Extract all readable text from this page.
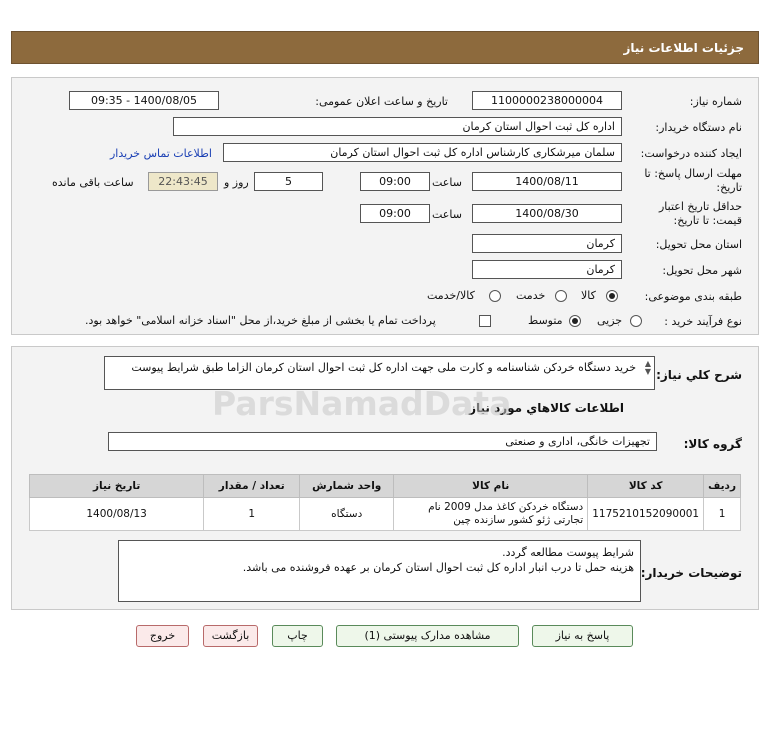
جزئیات اطلاعات نیاز
شماره نیاز:
1100000238000004
تاریخ و ساعت اعلان عمومی:
1400/08/05 - 09:35
نام دستگاه خریدار:
اداره کل ثبت احوال استان کرمان
ایجاد کننده درخواست:
سلمان میرشکاری کارشناس اداره کل ثبت احوال استان کرمان
اطلاعات تماس خریدار
مهلت ارسال پاسخ: تا
تاریخ:
1400/08/11
ساعت
09:00
5
روز و
22:43:45
ساعت باقی مانده
حداقل تاریخ اعتبار
قیمت: تا تاریخ:
1400/08/30
ساعت
09:00
استان محل تحویل:
کرمان
شهر محل تحویل:
کرمان
طبقه بندی موضوعی:
کالا
خدمت
کالا/خدمت
نوع فرآیند خرید :
جزیی
متوسط
پرداخت تمام یا بخشی از مبلغ خرید،از محل "اسناد خزانه اسلامی" خواهد بود.
شرح کلي نياز:
خرید دستگاه خردکن شناسنامه و کارت ملی جهت اداره کل ثبت احوال استان کرمان الزاما طبق شرایط پیوست ▲
▼
اطلاعات کالاهاي مورد نياز
گروه کالا:
تجهیزات خانگی، اداری و صنعتی
ردیف	کد کالا	نام کالا	واحد شمارش	تعداد / مقدار	تاریخ نیاز
1	1175210152090001	دستگاه خردکن کاغذ مدل 2009 نام تجارتی ژئو کشور سازنده چین	دستگاه	1	1400/08/13
توضیحات خریدار:
شرایط پیوست مطالعه گردد.
هزینه حمل تا درب انبار اداره کل ثبت احوال استان کرمان بر عهده فروشنده می باشد.
پاسخ به نیاز
مشاهده مدارک پیوستی (1)
چاپ
بازگشت
خروج
ParsNamadData
